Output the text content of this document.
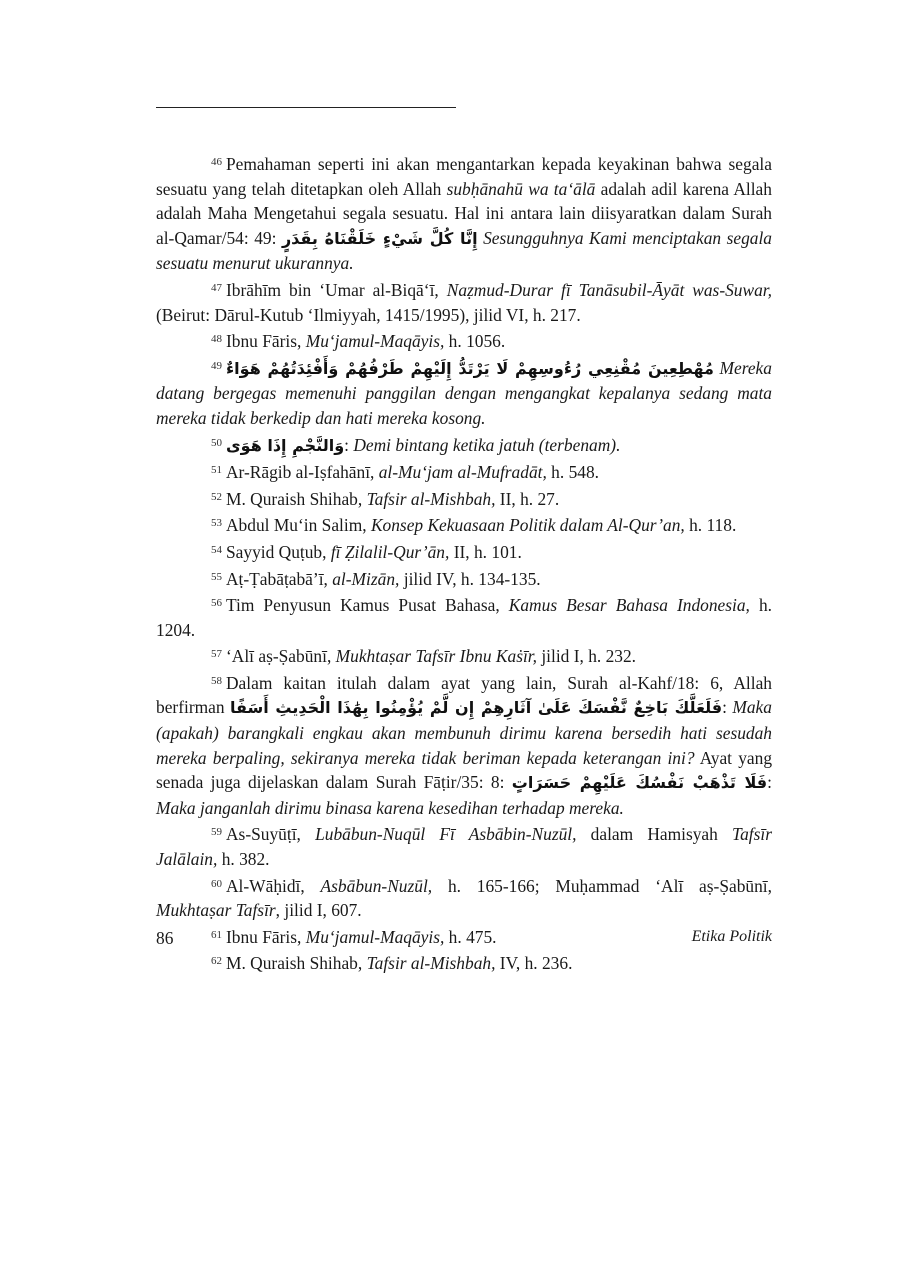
$^{46}$ Pemahaman seperti ini akan mengantarkan kepada keyakinan bahwa segala sesuatu yang telah ditetapkan oleh Allah subḥānahū wa ta‘ālā adalah adil karena Allah adalah Maha Mengetahui segala sesuatu. Hal ini antara lain diisyaratkan dalam Surah al-Qamar/54: 49: ﺇِﻧَّﺎ ﻛُﻞَّ ﺷَﻲْﺀٍ ﺧَﻠَﻘْﻨَﺎﻩُ ﺑِﻘَﺪَﺭٍ Sesungguhnya Kami menciptakan segala sesuatu menurut ukurannya.

$^{47}$ Ibrāhīm bin ‘Umar al-Biqā‘ī, Naẓmud-Durar fī Tanāsubil-Āyāt was-Suwar, (Beirut: Dārul-Kutub ‘Ilmiyyah, 1415/1995), jilid VI, h. 217.

$^{48}$ Ibnu Fāris, Mu‘jamul-Maqāyis, h. 1056.

$^{49}$ ﻣُﻬْﻄِﻌِﻴﻦَ ﻣُﻘْﻨِﻌِﻲ ﺭُﺀُﻭﺳِﻬِﻢْ ﻟَﺎ ﻳَﺮْﺗَﺪُّ ﺇِﻟَﻴْﻬِﻢْ ﻃَﺮْﻓُﻬُﻢْ ﻭَﺃَﻓْﺌِﺪَﺗُﻬُﻢْ ﻫَﻮَﺍﺀٌ Mereka datang bergegas memenuhi panggilan dengan mengangkat kepalanya sedang mata mereka tidak berkedip dan hati mereka kosong.

$^{50}$ ﻭَﺍﻟﻨَّﺠْﻢِ ﺇِﺫَﺍ ﻫَﻮَﻯ: Demi bintang ketika jatuh (terbenam).

$^{51}$ Ar-Rāgib al-Iṣfahānī, al-Mu‘jam al-Mufradāt, h. 548.

$^{52}$ M. Quraish Shihab, Tafsir al-Mishbah, II, h. 27.

$^{53}$ Abdul Mu‘in Salim, Konsep Kekuasaan Politik dalam Al-Qur’an, h. 118.

$^{54}$ Sayyid Quṭub, fī Ẓilalil-Qur’ān, II, h. 101.

$^{55}$ Aṭ-Ṭabāṭabā’ī, al-Mizān, jilid IV, h. 134-135.

$^{56}$ Tim Penyusun Kamus Pusat Bahasa, Kamus Besar Bahasa Indonesia, h. 1204.

$^{57}$ ‘Alī aṣ-Ṣabūnī, Mukhtaṣar Tafsīr Ibnu Kaṡīr, jilid I, h. 232.

$^{58}$ Dalam kaitan itulah dalam ayat yang lain, Surah al-Kahf/18: 6, Allah berfirman ﻓَﻠَﻌَﻠَّﻚَ ﺑَﺎﺧِﻊٌ ﻧَّﻔْﺴَﻚَ ﻋَﻠَﻰٰ ﺁﺛَﺎﺭِﻫِﻢْ ﺇِﻥ ﻟَّﻢْ ﻳُﺆْﻣِﻨُﻮﺍ ﺑِﻬَٰﺬَﺍ ﺍﻟْﺤَﺪِﻳﺚِ ﺃَﺳَﻔًﺎ: Maka (apakah) barangkali engkau akan membunuh dirimu karena bersedih hati sesudah mereka berpaling, sekiranya mereka tidak beriman kepada keterangan ini? Ayat yang senada juga dijelaskan dalam Surah Fāṭir/35: 8: ﻓَﻠَﺎ ﺗَﺬْﻫَﺐْ ﻧَﻔْﺴُﻚَ ﻋَﻠَﻴْﻬِﻢْ ﺣَﺴَﺮَﺍﺕٍ: Maka janganlah dirimu binasa karena kesedihan terhadap mereka.

$^{59}$ As-Suyūṭī, Lubābun-Nuqūl Fī Asbābin-Nuzūl, dalam Hamisyah Tafsīr Jalālain, h. 382.

$^{60}$ Al-Wāḥidī, Asbābun-Nuzūl, h. 165-166; Muḥammad ‘Alī aṣ-Ṣabūnī, Mukhtaṣar Tafsīr, jilid I, 607.

$^{61}$ Ibnu Fāris, Mu‘jamul-Maqāyis, h. 475.

$^{62}$ M. Quraish Shihab, Tafsir al-Mishbah, IV, h. 236.

86	Etika Politik
